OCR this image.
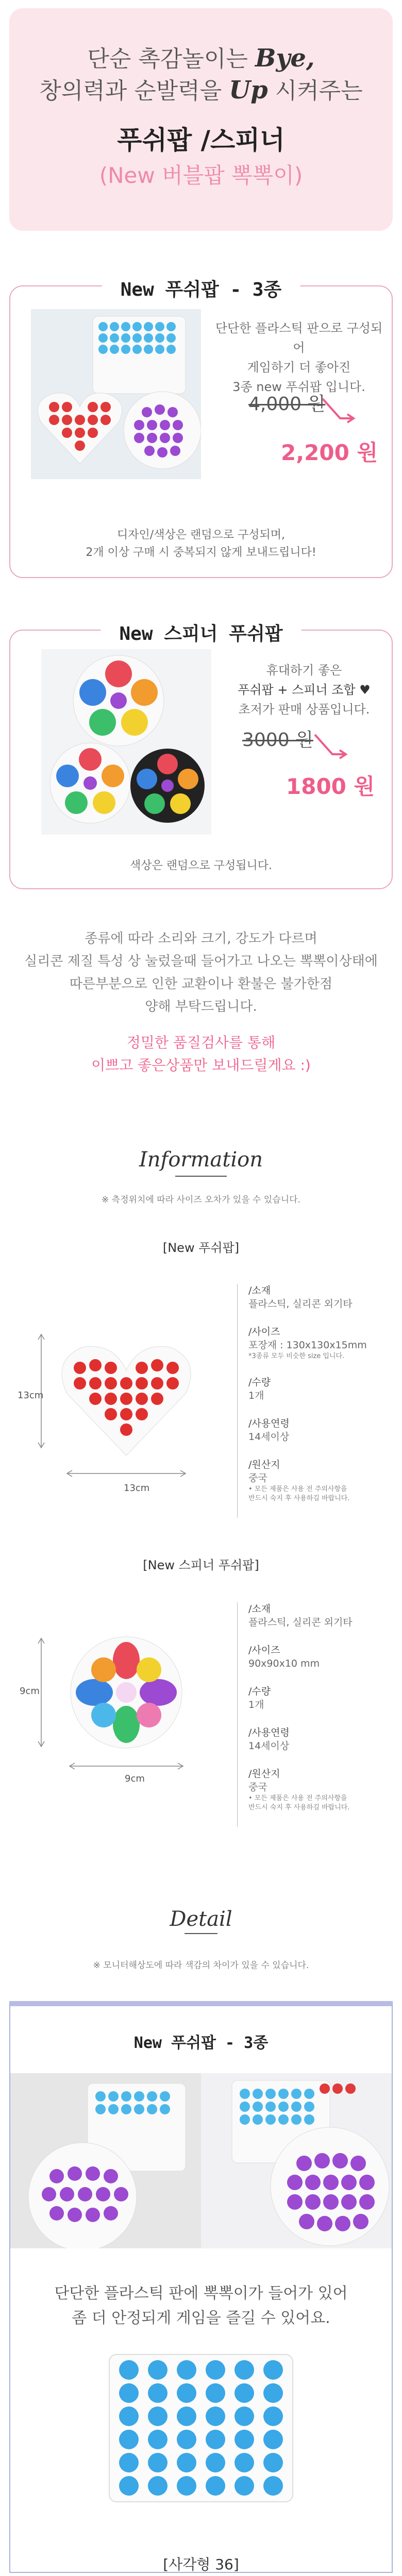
단순 촉감놀이는 Bye,
창의력과 순발력을 Up 시켜주는
푸쉬팝 /스피너
(New 버블팝 뽁뽁이)
New 푸쉬팝 - 3종
단단한 플라스틱 판으로 구성되어
게임하기 더 좋아진
3종 new 푸쉬팝 입니다.
4,000 원
2,200 원
디자인/색상은 랜덤으로 구성되며,
2개 이상 구매 시 중복되지 않게 보내드립니다!
New 스피너 푸쉬팝
휴대하기 좋은
푸쉬팝 + 스피너 조합 ♥
초저가 판매 상품입니다.
3000 원
1800 원
색상은 랜덤으로 구성됩니다.
종류에 따라 소리와 크기, 강도가 다르며
실리콘 제질 특성 상 눌렀을때 들어가고 나오는 뽁뽁이상태에
따른부분으로 인한 교환이나 환불은 불가한점
양해 부탁드립니다.
정밀한 품질검사를 통해
이쁘고 좋은상품만 보내드릴게요 :)
Information
※ 측정위치에 따라 사이즈 오차가 있을 수 있습니다.
[New 푸쉬팝]
13cm
13cm
/소재
플라스틱, 실리콘 외기타
/사이즈
포장재 : 130x130x15mm
*3종류 모두 비슷한 size 입니다.
/수량
1개
/사용연령
14세이상
/원산지
중국
• 모든 제품은 사용 전 주의사항을
반드시 숙지 후 사용하길 바랍니다.
[New 스피너 푸쉬팝]
9cm
9cm
/소재
플라스틱, 실리콘 외기타
/사이즈
90x90x10 mm
/수량
1개
/사용연령
14세이상
/원산지
중국
• 모든 제품은 사용 전 주의사항을
반드시 숙지 후 사용하길 바랍니다.
Detail
※ 모니터해상도에 따라 색감의 차이가 있을 수 있습니다.
New 푸쉬팝 - 3종
단단한 플라스틱 판에 뽁뽁이가 들어가 있어
좀 더 안정되게 게임을 즐길 수 있어요.
[사각형 36]
